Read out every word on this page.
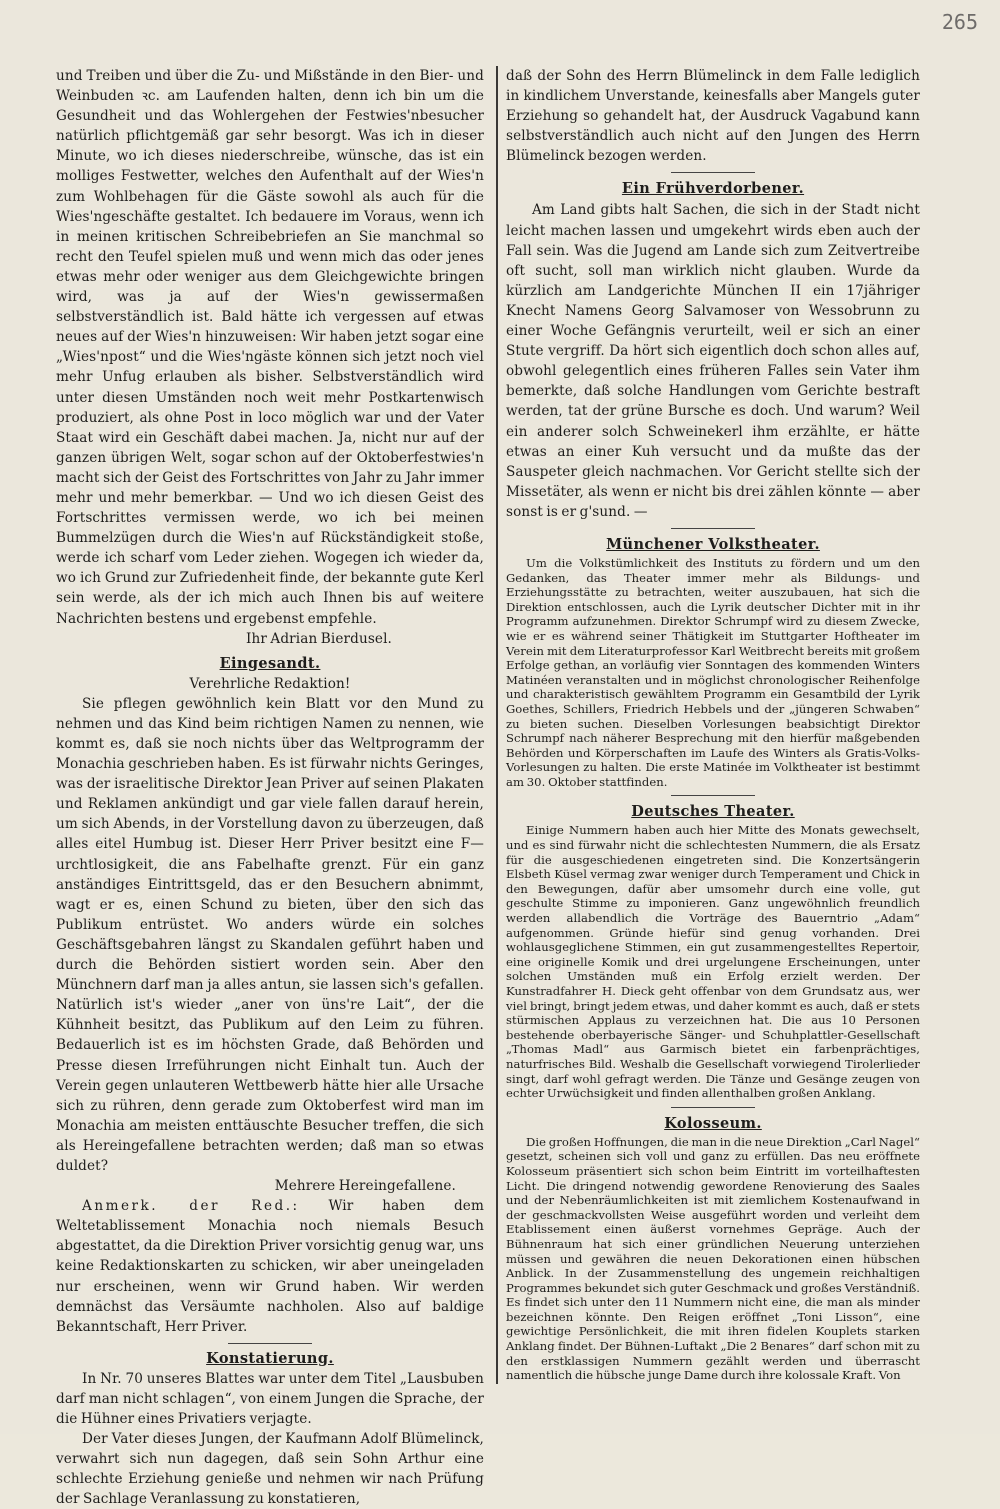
265

und Treiben und über die Zu- und Mißstände in den Bier- und Weinbuden ꝛc. am Laufenden halten, denn ich bin um die Gesundheit und das Wohlergehen der Festwies'nbesucher natürlich pflichtgemäß gar sehr besorgt. Was ich in dieser Minute, wo ich dieses niederschreibe, wünsche, das ist ein molliges Festwetter, welches den Aufenthalt auf der Wies'n zum Wohlbehagen für die Gäste sowohl als auch für die Wies'ngeschäfte gestaltet. Ich bedauere im Voraus, wenn ich in meinen kritischen Schreibebriefen an Sie manchmal so recht den Teufel spielen muß und wenn mich das oder jenes etwas mehr oder weniger aus dem Gleichgewichte bringen wird, was ja auf der Wies'n gewissermaßen selbstverständlich ist. Bald hätte ich vergessen auf etwas neues auf der Wies'n hinzuweisen: Wir haben jetzt sogar eine „Wies'npost“ und die Wies'ngäste können sich jetzt noch viel mehr Unfug erlauben als bisher. Selbstverständlich wird unter diesen Umständen noch weit mehr Postkartenwisch produziert, als ohne Post in loco möglich war und der Vater Staat wird ein Geschäft dabei machen. Ja, nicht nur auf der ganzen übrigen Welt, sogar schon auf der Oktoberfestwies'n macht sich der Geist des Fortschrittes von Jahr zu Jahr immer mehr und mehr bemerkbar. — Und wo ich diesen Geist des Fortschrittes vermissen werde, wo ich bei meinen Bummelzügen durch die Wies'n auf Rückständigkeit stoße, werde ich scharf vom Leder ziehen. Wogegen ich wieder da, wo ich Grund zur Zufriedenheit finde, der bekannte gute Kerl sein werde, als der ich mich auch Ihnen bis auf weitere Nachrichten bestens und ergebenst empfehle.

Ihr Adrian Bierdusel.

Eingesandt.

Verehrliche Redaktion!

Sie pflegen gewöhnlich kein Blatt vor den Mund zu nehmen und das Kind beim richtigen Namen zu nennen, wie kommt es, daß sie noch nichts über das Weltprogramm der Monachia geschrieben haben. Es ist fürwahr nichts Geringes, was der israelitische Direktor Jean Priver auf seinen Plakaten und Reklamen ankündigt und gar viele fallen darauf herein, um sich Abends, in der Vorstellung davon zu überzeugen, daß alles eitel Humbug ist. Dieser Herr Priver besitzt eine F—urchtlosigkeit, die ans Fabelhafte grenzt. Für ein ganz anständiges Eintrittsgeld, das er den Besuchern abnimmt, wagt er es, einen Schund zu bieten, über den sich das Publikum entrüstet. Wo anders würde ein solches Geschäftsgebahren längst zu Skandalen geführt haben und durch die Behörden sistiert worden sein. Aber den Münchnern darf man ja alles antun, sie lassen sich's gefallen. Natürlich ist's wieder „aner von üns're Lait“, der die Kühnheit besitzt, das Publikum auf den Leim zu führen. Bedauerlich ist es im höchsten Grade, daß Behörden und Presse diesen Irreführungen nicht Einhalt tun. Auch der Verein gegen unlauteren Wettbewerb hätte hier alle Ursache sich zu rühren, denn gerade zum Oktoberfest wird man im Monachia am meisten enttäuschte Besucher treffen, die sich als Hereingefallene betrachten werden; daß man so etwas duldet?

Mehrere Hereingefallene.

Anmerk. der Red.: Wir haben dem Weltetablissement Monachia noch niemals Besuch abgestattet, da die Direktion Priver vorsichtig genug war, uns keine Redaktionskarten zu schicken, wir aber uneingeladen nur erscheinen, wenn wir Grund haben. Wir werden demnächst das Versäumte nachholen. Also auf baldige Bekanntschaft, Herr Priver.

Konstatierung.

In Nr. 70 unseres Blattes war unter dem Titel „Lausbuben darf man nicht schlagen“, von einem Jungen die Sprache, der die Hühner eines Privatiers verjagte.

Der Vater dieses Jungen, der Kaufmann Adolf Blümelinck, verwahrt sich nun dagegen, daß sein Sohn Arthur eine schlechte Erziehung genieße und nehmen wir nach Prüfung der Sachlage Veranlassung zu konstatieren,

daß der Sohn des Herrn Blümelinck in dem Falle lediglich in kindlichem Unverstande, keinesfalls aber Mangels guter Erziehung so gehandelt hat, der Ausdruck Vagabund kann selbstverständlich auch nicht auf den Jungen des Herrn Blümelinck bezogen werden.

Ein Frühverdorbener.

Am Land gibts halt Sachen, die sich in der Stadt nicht leicht machen lassen und umgekehrt wirds eben auch der Fall sein. Was die Jugend am Lande sich zum Zeitvertreibe oft sucht, soll man wirklich nicht glauben. Wurde da kürzlich am Landgerichte München II ein 17jähriger Knecht Namens Georg Salvamoser von Wessobrunn zu einer Woche Gefängnis verurteilt, weil er sich an einer Stute vergriff. Da hört sich eigentlich doch schon alles auf, obwohl gelegentlich eines früheren Falles sein Vater ihm bemerkte, daß solche Handlungen vom Gerichte bestraft werden, tat der grüne Bursche es doch. Und warum? Weil ein anderer solch Schweinekerl ihm erzählte, er hätte etwas an einer Kuh versucht und da mußte das der Sauspeter gleich nachmachen. Vor Gericht stellte sich der Missetäter, als wenn er nicht bis drei zählen könnte — aber sonst is er g'sund. —

Münchener Volkstheater.

Um die Volkstümlichkeit des Instituts zu fördern und um den Gedanken, das Theater immer mehr als Bildungs- und Erziehungsstätte zu betrachten, weiter auszubauen, hat sich die Direktion entschlossen, auch die Lyrik deutscher Dichter mit in ihr Programm aufzunehmen. Direktor Schrumpf wird zu diesem Zwecke, wie er es während seiner Thätigkeit im Stuttgarter Hoftheater im Verein mit dem Literaturprofessor Karl Weitbrecht bereits mit großem Erfolge gethan, an vorläufig vier Sonntagen des kommenden Winters Matinéen veranstalten und in möglichst chronologischer Reihenfolge und charakteristisch gewähltem Programm ein Gesamtbild der Lyrik Goethes, Schillers, Friedrich Hebbels und der „jüngeren Schwaben“ zu bieten suchen. Dieselben Vorlesungen beabsichtigt Direktor Schrumpf nach näherer Besprechung mit den hierfür maßgebenden Behörden und Körperschaften im Laufe des Winters als Gratis-Volks-Vorlesungen zu halten. Die erste Matinée im Volktheater ist bestimmt am 30. Oktober stattfinden.

Deutsches Theater.

Einige Nummern haben auch hier Mitte des Monats gewechselt, und es sind fürwahr nicht die schlechtesten Nummern, die als Ersatz für die ausgeschiedenen eingetreten sind. Die Konzertsängerin Elsbeth Küsel vermag zwar weniger durch Temperament und Chick in den Bewegungen, dafür aber umsomehr durch eine volle, gut geschulte Stimme zu imponieren. Ganz ungewöhnlich freundlich werden allabendlich die Vorträge des Bauerntrio „Adam“ aufgenommen. Gründe hiefür sind genug vorhanden. Drei wohlausgeglichene Stimmen, ein gut zusammengestelltes Repertoir, eine originelle Komik und drei urgelungene Erscheinungen, unter solchen Umständen muß ein Erfolg erzielt werden. Der Kunstradfahrer H. Dieck geht offenbar von dem Grundsatz aus, wer viel bringt, bringt jedem etwas, und daher kommt es auch, daß er stets stürmischen Applaus zu verzeichnen hat. Die aus 10 Personen bestehende oberbayerische Sänger- und Schuhplattler-Gesellschaft „Thomas Madl“ aus Garmisch bietet ein farbenprächtiges, naturfrisches Bild. Weshalb die Gesellschaft vorwiegend Tirolerlieder singt, darf wohl gefragt werden. Die Tänze und Gesänge zeugen von echter Urwüchsigkeit und finden allenthalben großen Anklang.

Kolosseum.

Die großen Hoffnungen, die man in die neue Direktion „Carl Nagel“ gesetzt, scheinen sich voll und ganz zu erfüllen. Das neu eröffnete Kolosseum präsentiert sich schon beim Eintritt im vorteilhaftesten Licht. Die dringend notwendig gewordene Renovierung des Saales und der Nebenräumlichkeiten ist mit ziemlichem Kostenaufwand in der geschmackvollsten Weise ausgeführt worden und verleiht dem Etablissement einen äußerst vornehmes Gepräge. Auch der Bühnenraum hat sich einer gründlichen Neuerung unterziehen müssen und gewähren die neuen Dekorationen einen hübschen Anblick. In der Zusammenstellung des ungemein reichhaltigen Programmes bekundet sich guter Geschmack und großes Verständniß. Es findet sich unter den 11 Nummern nicht eine, die man als minder bezeichnen könnte. Den Reigen eröffnet „Toni Lisson“, eine gewichtige Persönlichkeit, die mit ihren fidelen Kouplets starken Anklang findet. Der Bühnen-Luftakt „Die 2 Benares“ darf schon mit zu den erstklassigen Nummern gezählt werden und überrascht namentlich die hübsche junge Dame durch ihre kolossale Kraft. Von
